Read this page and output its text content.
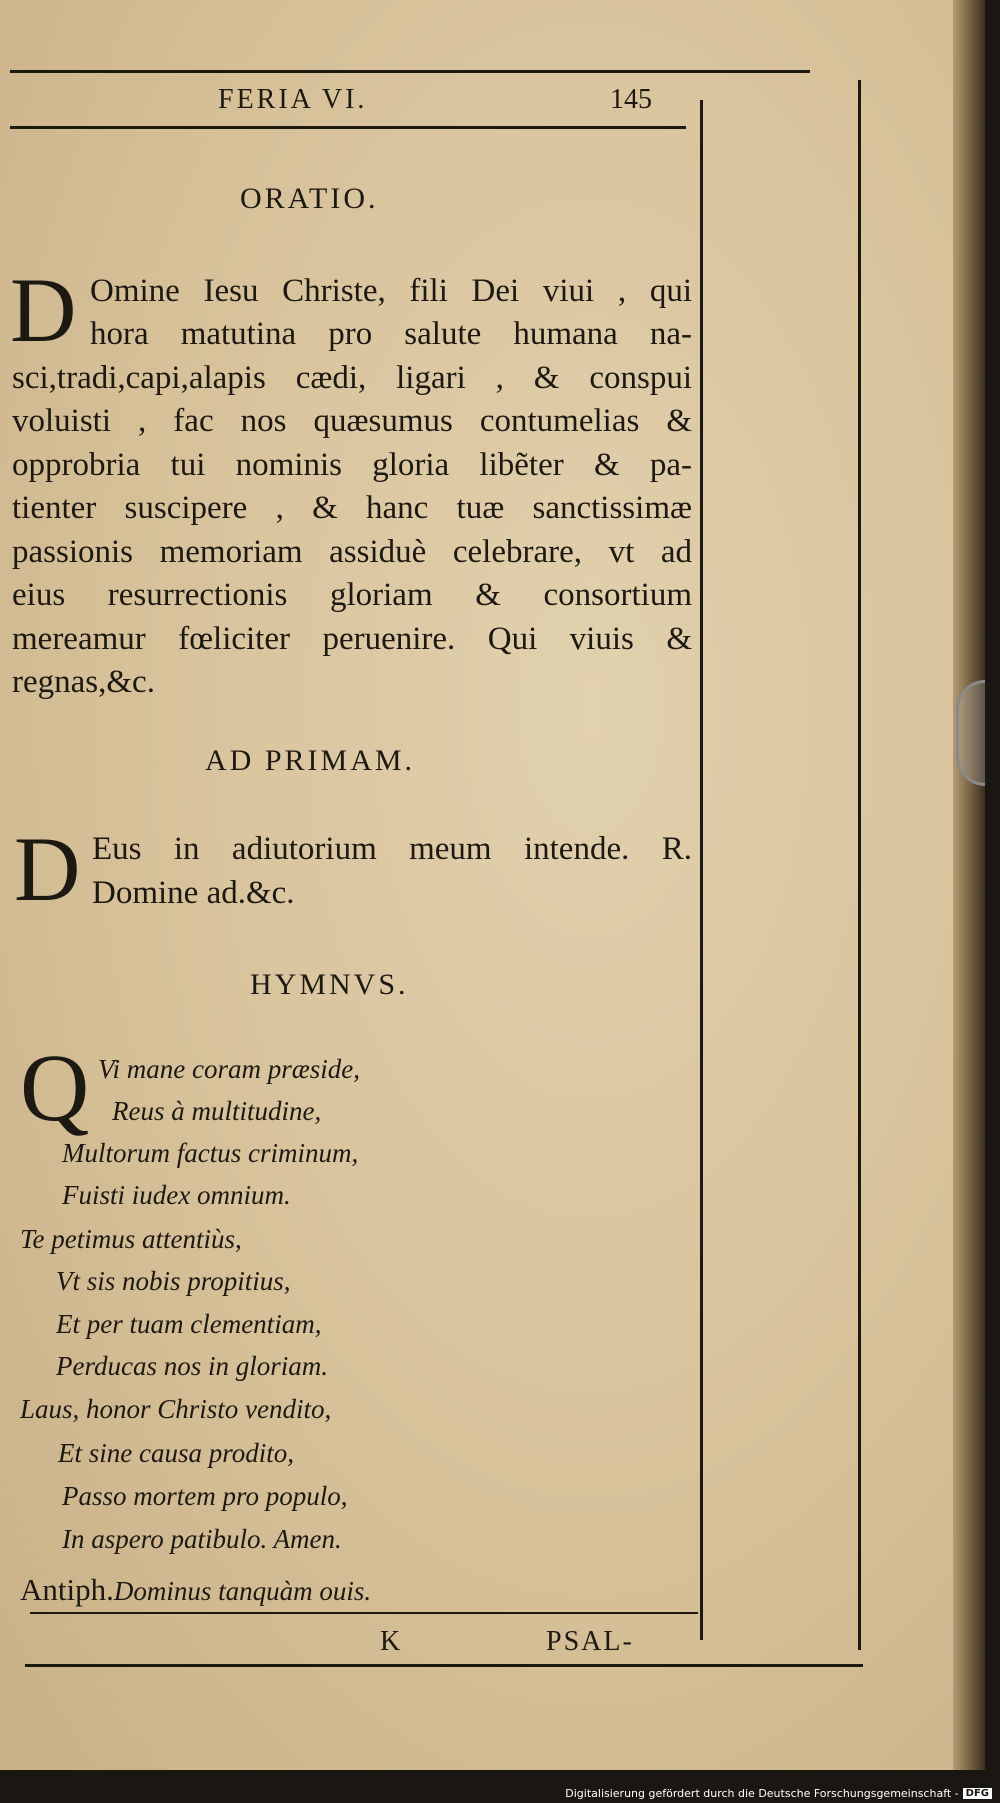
FERIA VI.	145
ORATIO.
D Omine Iesu Christe, fili Dei viui , qui
hora matutina pro salute humana na-
sci,tradi,capi,alapis cædi, ligari , & conspui
voluisti , fac nos quæsumus contumelias &
opprobria tui nominis gloria libẽter & pa-
tienter suscipere , & hanc tuæ sanctissimæ
passionis memoriam assiduè celebrare, vt ad
eius resurrectionis gloriam & consortium
mereamur fœliciter peruenire. Qui viuis &
regnas,&c.
AD PRIMAM.
D Eus in adiutorium meum intende. R.
Domine ad.&c.
HYMNVS.
Q Vi mane coram præside,
Reus à multitudine,
Multorum factus criminum,
Fuisti iudex omnium.
Te petimus attentiùs,
Vt sis nobis propitius,
Et per tuam clementiam,
Perducas nos in gloriam.
Laus, honor Christo vendito,
Et sine causa prodito,
Passo mortem pro populo,
In aspero patibulo. Amen.
Antiph.Dominus tanquàm ouis.
K	PSAL-
Digitalisierung gefördert durch die Deutsche Forschungsgemeinschaft - DFG
